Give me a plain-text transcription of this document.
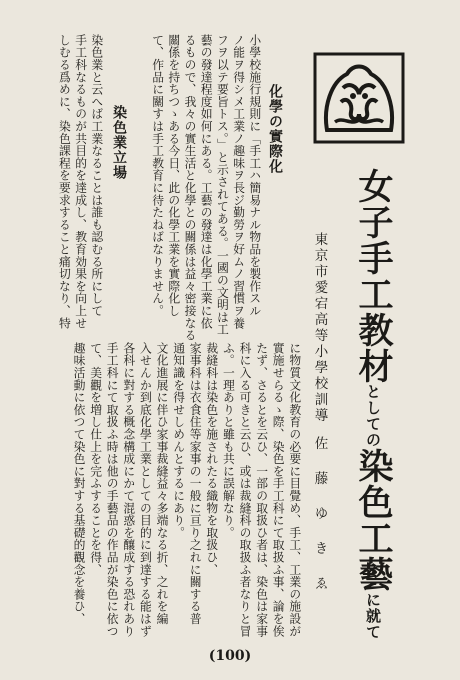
女子手工教材としての染色工藝に就て
東京市愛宕高等小學校訓導
佐　藤　ゆ　き　ゑ
小學校施行規則に「手工ハ簡易ナル物品を製作スル
ノ能ヲ得シメ工業ノ趣味ヲ長ジ勤勞ヲ好ムノ習慣ヲ養
フヲ以テ要旨トス。」と示されてある。一國の文明は工
藝の發達程度如何にある。工藝の發達は化學工業に依
るもので、我々の實生活と化學との關係は益々密接なる
關係を持ちつゝある今日、此の化學工業を實際化し
て、作品に關すは手工教育に待たねばなりません。	化學の實際化
染色業と云へば工業なることは誰も認むる所にして
手工科なるものが共目的を達成し、教育効果を向上せ
しむる爲めに、染色課程を要求すること痛切なり、特	染色業立場
に物質文化教育の必要に目覺め、手工、工業の施設が
實施せらるゝ際、染色を手工科にて取扱ふ事、論を俟
たず、さるとを云ひ、一部の取扱ひ者は、染色は家事
科に入る可きと云ひ、或は裁縫科の取扱ふ者なりと冒
ふ。一理ありと雖も共に誤解なり。
裁縫科は染色を施されたる織物を取扱ひ、
家事科は衣食住等家事の一般に亘り之れに關する普
通知識を得せしめんとするにあり。
文化進展に伴ひ家事裁縫益々多端なる折、之れを編
入せんか到底化學工業としての目的に到達する能はず
各科に對する概念構成にかて混惑を釀成する恐れあり
手工科にて取扱ふ時は他の手藝品の作品が染色に依つ
て、美觀を増し仕上を完ふすることを得、
趣味活動に依つて染色に對する基礎的觀念を養ひ、
(100)
